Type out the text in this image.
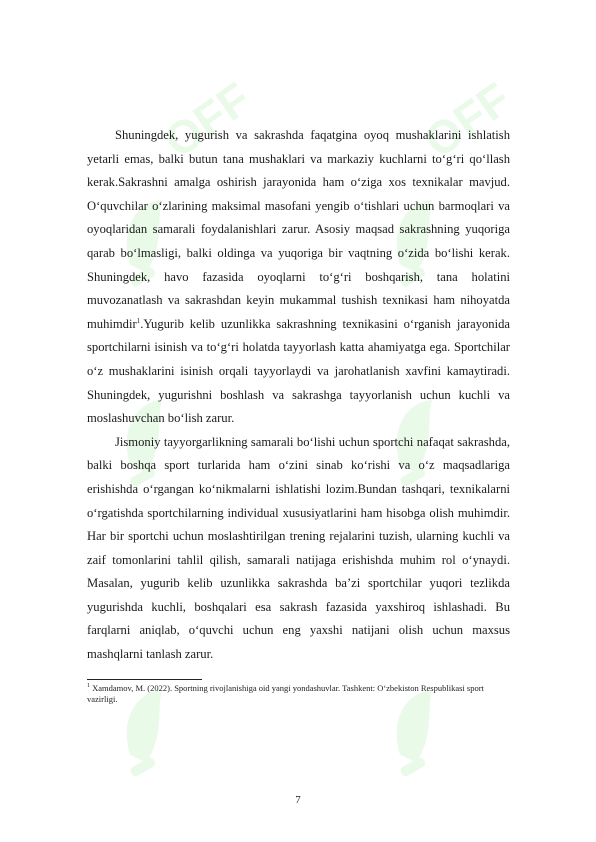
OFF	OFF

Shuningdek, yugurish va sakrashda faqatgina oyoq mushaklarini ishlatish yetarli emas, balki butun tana mushaklari va markaziy kuchlarni to‘g‘ri qo‘llash kerak.Sakrashni amalga oshirish jarayonida ham o‘ziga xos texnikalar mavjud. O‘quvchilar o‘zlarining maksimal masofani yengib o‘tishlari uchun barmoqlari va oyoqlaridan samarali foydalanishlari zarur. Asosiy maqsad sakrashning yuqoriga qarab bo‘lmasligi, balki oldinga va yuqoriga bir vaqtning o‘zida bo‘lishi kerak. Shuningdek, havo fazasida oyoqlarni to‘g‘ri boshqarish, tana holatini muvozanatlash va sakrashdan keyin mukammal tushish texnikasi ham nihoyatda muhimdir$^1$.Yugurib kelib uzunlikka sakrashning texnikasini o‘rganish jarayonida sportchilarni isinish va to‘g‘ri holatda tayyorlash katta ahamiyatga ega. Sportchilar o‘z mushaklarini isinish orqali tayyorlaydi va jarohatlanish xavfini kamaytiradi. Shuningdek, yugurishni boshlash va sakrashga tayyorlanish uchun kuchli va moslashuvchan bo‘lish zarur.

Jismoniy tayyorgarlikning samarali bo‘lishi uchun sportchi nafaqat sakrashda, balki boshqa sport turlarida ham o‘zini sinab ko‘rishi va o‘z maqsadlariga erishishda o‘rgangan ko‘nikmalarni ishlatishi lozim.Bundan tashqari, texnikalarni o‘rgatishda sportchilarning individual xususiyatlarini ham hisobga olish muhimdir. Har bir sportchi uchun moslashtirilgan trening rejalarini tuzish, ularning kuchli va zaif tomonlarini tahlil qilish, samarali natijaga erishishda muhim rol o‘ynaydi. Masalan, yugurib kelib uzunlikka sakrashda ba’zi sportchilar yuqori tezlikda yugurishda kuchli, boshqalari esa sakrash fazasida yaxshiroq ishlashadi. Bu farqlarni aniqlab, o‘quvchi uchun eng yaxshi natijani olish uchun maxsus mashqlarni tanlash zarur.

$^1$ Xamdamov, M. (2022). Sportning rivojlanishiga oid yangi yondashuvlar. Tashkent: O‘zbekiston Respublikasi sport vazirligi.
7
